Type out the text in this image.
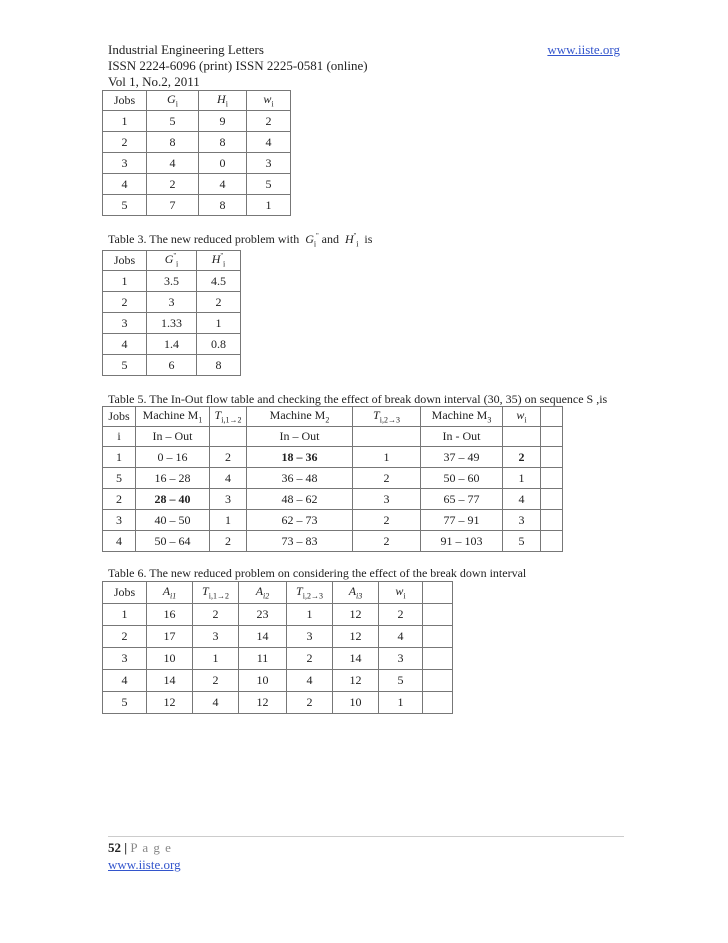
Industrial Engineering Letters
ISSN 2224-6096 (print) ISSN 2225-0581 (online)
Vol 1, No.2, 2011
www.iiste.org
Jobs	$G_i$	$H_i$	$w_i$
1	5	9	2
2	8	8	4
3	4	0	3
4	2	4	5
5	7	8	1
Table 3. The new reduced problem with $G_i''$ and $H''_i$ is
Jobs	$G''_i$	$H''_i$
1	3.5	4.5
2	3	2
3	1.33	1
4	1.4	0.8
5	6	8
Table 5. The In-Out flow table and checking the effect of break down interval (30, 35) on sequence S ,is
Jobs	Machine $M_1$	$T_{i,1\to 2}$	Machine $M_2$	$T_{i,2\to 3}$	Machine $M_3$	$w_i$	
i	In – Out		In – Out		In - Out		
1	0 – 16	2	18 – 36	1	37 – 49	2	
5	16 – 28	4	36 – 48	2	50 – 60	1	
2	28 – 40	3	48 – 62	3	65 – 77	4	
3	40 – 50	1	62 – 73	2	77 – 91	3	
4	50 – 64	2	73 – 83	2	91 – 103	5	
Table 6. The new reduced problem on considering the effect of the break down interval
Jobs	$A_{i1}$	$T_{i,1\to 2}$	$A_{i2}$	$T_{i,2\to 3}$	$A_{i3}$	$w_i$	
1	16	2	23	1	12	2	
2	17	3	14	3	12	4	
3	10	1	11	2	14	3	
4	14	2	10	4	12	5	
5	12	4	12	2	10	1	
52 | P a g e
www.iiste.org
